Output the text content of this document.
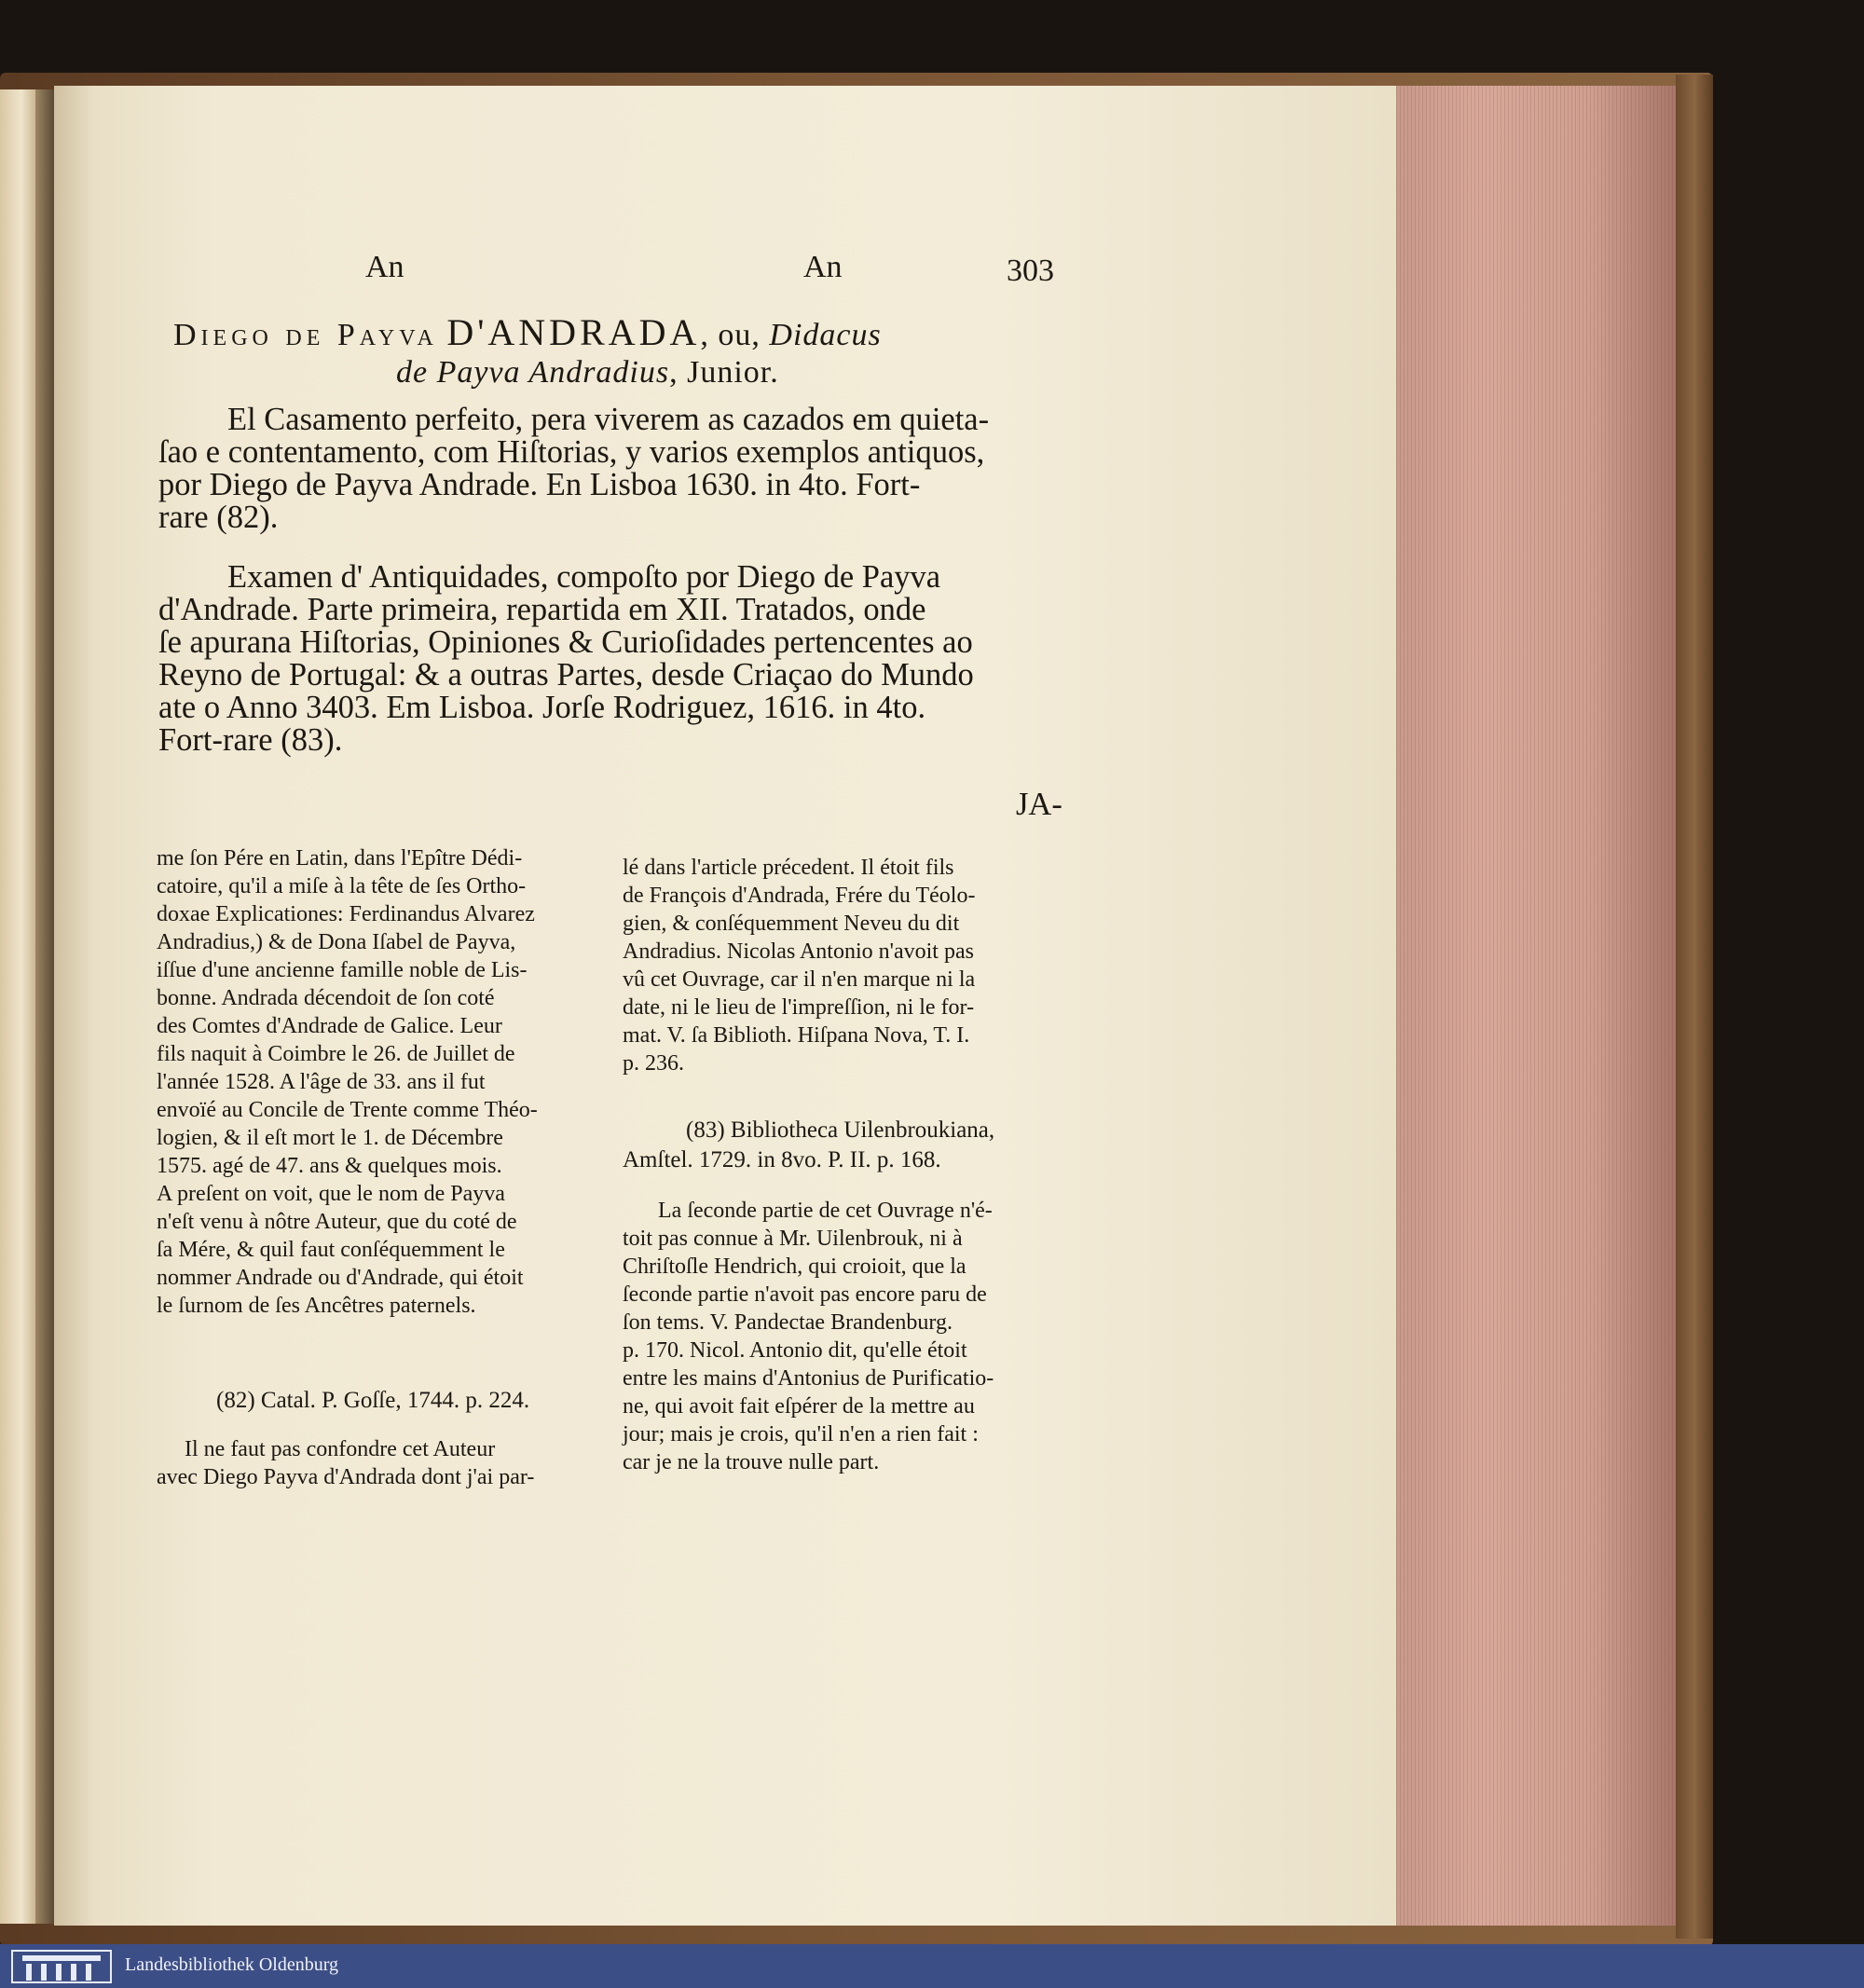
An	An	303
Diego de Payva D'ANDRADA, ou, Didacus
de Payva Andradius, Junior.
El Casamento perfeito, pera viverem as cazados em quieta-
ſao e contentamento, com Hiſtorias, y varios exemplos antiquos,
por Diego de Payva Andrade. En Lisboa 1630. in 4to. Fort-
rare (82).
Examen d' Antiquidades, compoſto por Diego de Payva
d'Andrade. Parte primeira, repartida em XII. Tratados, onde
ſe apurana Hiſtorias, Opiniones & Curioſidades pertencentes ao
Reyno de Portugal: & a outras Partes, desde Criaçao do Mundo
ate o Anno 3403. Em Lisboa. Jorſe Rodriguez, 1616. in 4to.
Fort-rare (83).
JA-
me ſon Pére en Latin, dans l'Epître Dédi-
catoire, qu'il a miſe à la tête de ſes Ortho-
doxae Explicationes: Ferdinandus Alvarez
Andradius,) & de Dona Iſabel de Payva,
iſſue d'une ancienne famille noble de Lis-
bonne. Andrada décendoit de ſon coté
des Comtes d'Andrade de Galice. Leur
fils naquit à Coimbre le 26. de Juillet de
l'année 1528. A l'âge de 33. ans il fut
envoïé au Concile de Trente comme Théo-
logien, & il eſt mort le 1. de Décembre
1575. agé de 47. ans & quelques mois.
A preſent on voit, que le nom de Payva
n'eſt venu à nôtre Auteur, que du coté de
ſa Mére, & quil faut conſéquemment le
nommer Andrade ou d'Andrade, qui étoit
le ſurnom de ſes Ancêtres paternels.
(82) Catal. P. Goſſe, 1744. p. 224.
Il ne faut pas confondre cet Auteur
avec Diego Payva d'Andrada dont j'ai par-
lé dans l'article précedent. Il étoit fils
de François d'Andrada, Frére du Téolo-
gien, & conſéquemment Neveu du dit
Andradius. Nicolas Antonio n'avoit pas
vû cet Ouvrage, car il n'en marque ni la
date, ni le lieu de l'impreſſion, ni le for-
mat. V. ſa Biblioth. Hiſpana Nova, T. I.
p. 236.
(83) Bibliotheca Uilenbroukiana,
Amſtel. 1729. in 8vo. P. II. p. 168.
La ſeconde partie de cet Ouvrage n'é-
toit pas connue à Mr. Uilenbrouk, ni à
Chriſtoſle Hendrich, qui croioit, que la
ſeconde partie n'avoit pas encore paru de
ſon tems. V. Pandectae Brandenburg.
p. 170. Nicol. Antonio dit, qu'elle étoit
entre les mains d'Antonius de Purificatio-
ne, qui avoit fait eſpérer de la mettre au
jour; mais je crois, qu'il n'en a rien fait :
car je ne la trouve nulle part.
Landesbibliothek Oldenburg
